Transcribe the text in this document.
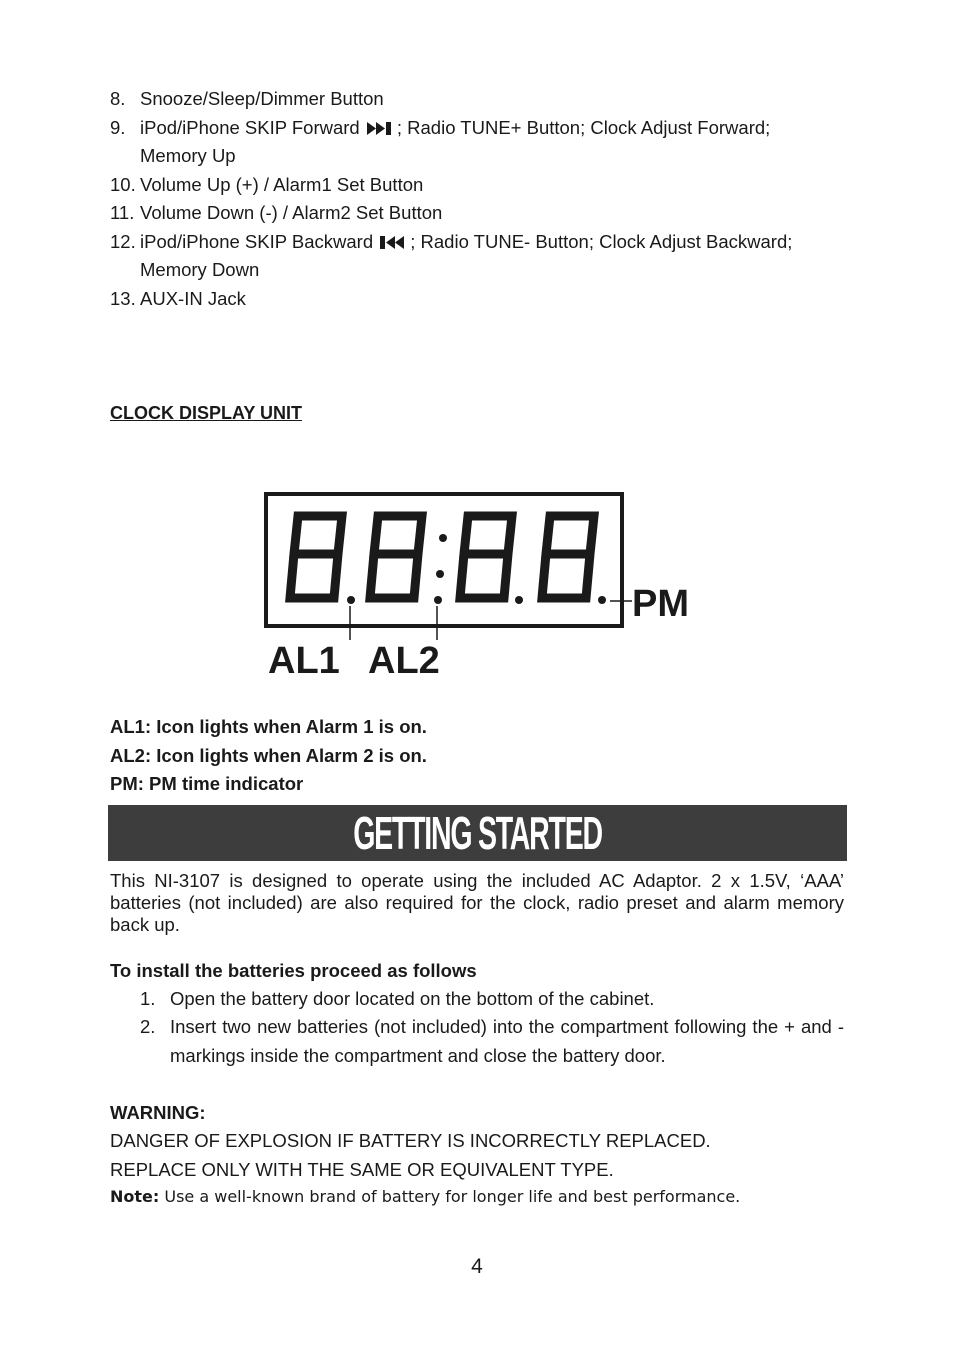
8. Snooze/Sleep/Dimmer Button
9. iPod/iPhone SKIP Forward ; Radio TUNE+ Button; Clock Adjust Forward;
Memory Up
10. Volume Up (+) / Alarm1 Set Button
11. Volume Down (-) / Alarm2 Set Button
12. iPod/iPhone SKIP Backward ; Radio TUNE- Button; Clock Adjust Backward;
Memory Down
13. AUX-IN Jack
CLOCK DISPLAY UNIT
AL1 AL2
PM
AL1: Icon lights when Alarm 1 is on.
AL2: Icon lights when Alarm 2 is on.
PM: PM time indicator
GETTING STARTED
This NI-3107 is designed to operate using the included AC Adaptor. 2 x 1.5V, ‘AAA’ batteries (not included) are also required for the clock, radio preset and alarm memory back up.
To install the batteries proceed as follows
1. Open the battery door located on the bottom of the cabinet.
2. Insert two new batteries (not included) into the compartment following the + and - markings inside the compartment and close the battery door.
WARNING:
DANGER OF EXPLOSION IF BATTERY IS INCORRECTLY REPLACED.
REPLACE ONLY WITH THE SAME OR EQUIVALENT TYPE.
Note: Use a well-known brand of battery for longer life and best performance.
4
